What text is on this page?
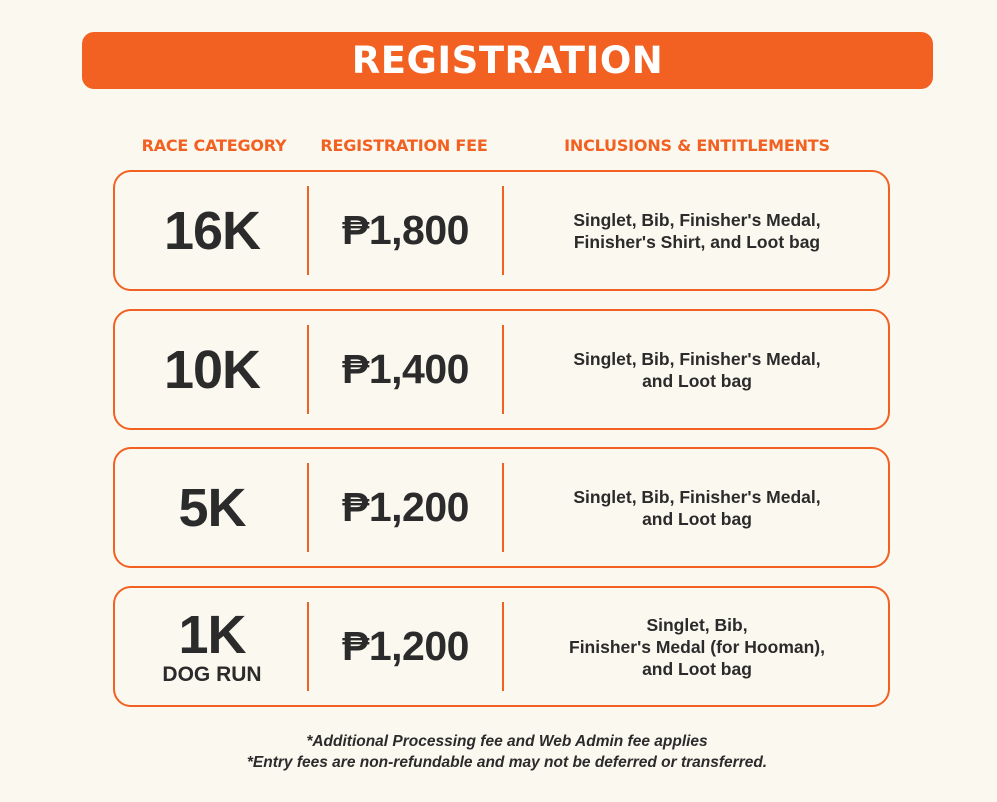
REGISTRATION
RACE CATEGORY	REGISTRATION FEE	INCLUSIONS & ENTITLEMENTS
16K	₱1,800	Singlet, Bib, Finisher's Medal,
Finisher's Shirt, and Loot bag
10K	₱1,400	Singlet, Bib, Finisher's Medal,
and Loot bag
5K	₱1,200	Singlet, Bib, Finisher's Medal,
and Loot bag
1K
DOG RUN
₱1,200	Singlet, Bib,
Finisher's Medal (for Hooman),
and Loot bag
*Additional Processing fee and Web Admin fee applies
*Entry fees are non-refundable and may not be deferred or transferred.
